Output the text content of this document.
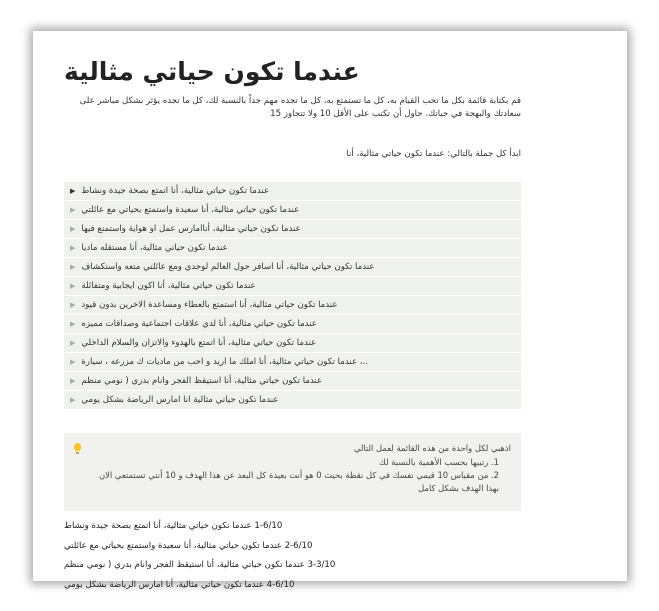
عندما تكون حياتي مثالية
قم بكتابة قائمة بكل ما تحب القيام به، كل ما تستمتع به، كل ما تجده مهم جداً بالنسبة لك، كل ما تجده يؤثر بشكل مباشر على سعادتك والبهجة في حياتك. حاول أن تكتب على الأقل 10 ولا تتجاوز 15
ابدأ كل جملة بالتالي: عندما تكون حياتي مثالية، أنا
▶ عندما تكون حياتي مثالية، أنا اتمتع بصحة جيدة ونشاط
▶ عندما تكون حياتي مثالية، أنا سعيدة واستمتع بحياتي مع عائلتي
▶ عندما تكون حياتي مثالية، أناامارس عمل او هواية واستمتع فيها
▶ عندما تكون حياتي مثالية، أنا مستقله ماديا
▶ عندما تكون حياتي مثالية، أنا اسافر حول العالم لوحدي ومع عائلتي متعه واستكشاف
▶ عندما تكون حياتي مثالية، أنا اكون ايجابية ومتفائلة
▶ عندما تكون حياتي مثالية، أنا استمتع بالعطاء ومساعدة الاخرين بدون قيود
▶ عندما تكون حياتي مثالية، أنا لدي علاقات اجتماعية وصداقات مميزه
▶ عندما تكون حياتي مثالية، أنا اتمتع بالهدوء والاتزان والسلام الداخلي
▶ عندما تكون حياتي مثالية، أنا املك ما اريد و احب من ماديات ك مزرعه ، سيارة ،..
▶ عندما تكون حياتي مثالية، أنا استيقظ الفجر وانام بدري ( نومي منظم
▶ عندما تكون حياتي مثالية انا امارس الرياضة بشكل يومي

اذهبي لكل واحدة من هذه القائمة لعمل التالي

1. رتبيها بحسب الأهمية بالنسبة لك

2. من مقياس 10 قيمي نفسك في كل نقطة بحيث 0 هو أنت بعيدة كل البعد عن هذا الهدف و 10 أنتي تستمتعي الان بهذا الهدف بشكل كامل

1-6/10 عندما تكون حياتي مثالية، أنا اتمتع بصحة جيدة ونشاط
2-6/10 عندما تكون حياتي مثالية، أنا سعيدة واستمتع بحياتي مع عائلتي
3-3/10 عندما تكون حياتي مثالية، أنا استيقظ الفجر وانام بدري ( نومي منظم
4-6/10 عندما تكون حياتي مثالية، أنا امارس الرياضة بشكل يومي
